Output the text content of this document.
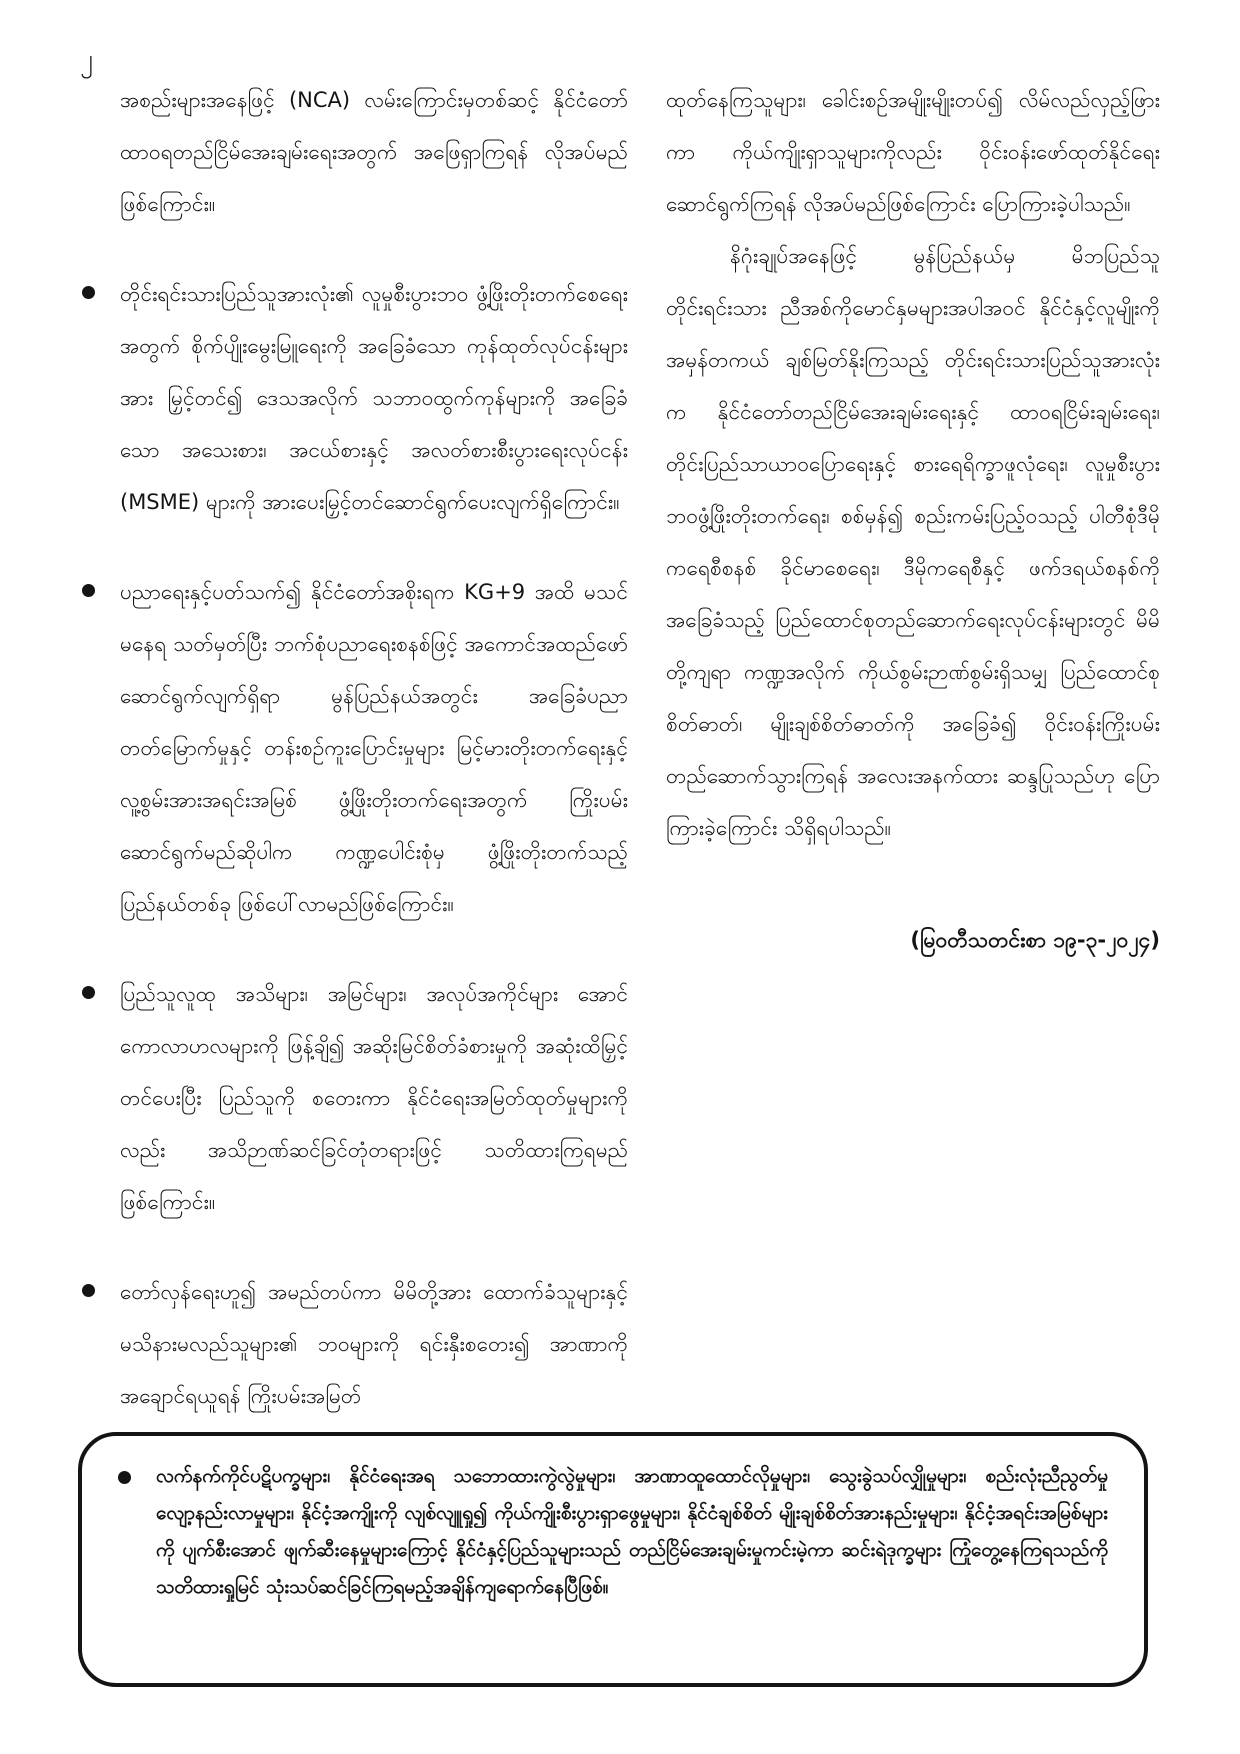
၂

အစည်းများအနေဖြင့် (NCA) လမ်းကြောင်းမှတစ်ဆင့် နိုင်ငံတော်ထာဝရတည်ငြိမ်အေးချမ်းရေးအတွက် အဖြေရှာကြရန် လိုအပ်မည်ဖြစ်ကြောင်း။

တိုင်းရင်းသားပြည်သူအားလုံး၏ လူမှုစီးပွားဘဝ ဖွံ့ဖြိုးတိုးတက်စေရေးအတွက် စိုက်ပျိုးမွေးမြူရေးကို အခြေခံသော ကုန်ထုတ်လုပ်ငန်းများအား မြှင့်တင်၍ ဒေသအလိုက် သဘာဝထွက်ကုန်များကို အခြေခံသော အသေးစား၊ အငယ်စားနှင့် အလတ်စားစီးပွားရေးလုပ်ငန်း (MSME) များကို အားပေးမြှင့်တင်ဆောင်ရွက်ပေးလျက်ရှိကြောင်း။

ပညာရေးနှင့်ပတ်သက်၍ နိုင်ငံတော်အစိုးရက KG+9 အထိ မသင်မနေရ သတ်မှတ်ပြီး ဘက်စုံပညာရေးစနစ်ဖြင့် အကောင်အထည်ဖော် ဆောင်ရွက်လျက်ရှိရာ မွန်ပြည်နယ်အတွင်း အခြေခံပညာတတ်မြောက်မှုနှင့် တန်းစဉ်ကူးပြောင်းမှုများ မြင့်မားတိုးတက်ရေးနှင့် လူ့စွမ်းအားအရင်းအမြစ် ဖွံ့ဖြိုးတိုးတက်ရေးအတွက် ကြိုးပမ်းဆောင်ရွက်မည်ဆိုပါက ကဏ္ဍပေါင်းစုံမှ ဖွံ့ဖြိုးတိုးတက်သည့် ပြည်နယ်တစ်ခု ဖြစ်ပေါ်လာမည်ဖြစ်ကြောင်း။

ပြည်သူလူထု အသိများ၊ အမြင်များ၊ အလုပ်အကိုင်များ အောင် ကောလာဟလများကို ဖြန့်ချိ၍ အဆိုးမြင်စိတ်ခံစားမှုကို အဆုံးထိမြှင့်တင်ပေးပြီး ပြည်သူကို စတေးကာ နိုင်ငံရေးအမြတ်ထုတ်မှုများကိုလည်း အသိဉာဏ်ဆင်ခြင်တုံတရားဖြင့် သတိထားကြရမည်ဖြစ်ကြောင်း။

တော်လှန်ရေးဟူ၍ အမည်တပ်ကာ မိမိတို့အား ထောက်ခံသူများနှင့် မသိနားမလည်သူများ၏ ဘဝများကို ရင်းနှီးစတေး၍ အာဏာကို အချောင်ရယူရန် ကြိုးပမ်းအမြတ်

ထုတ်နေကြသူများ၊ ခေါင်းစဉ်အမျိုးမျိုးတပ်၍ လိမ်လည်လှည့်ဖြားကာ ကိုယ်ကျိုးရှာသူများကိုလည်း ဝိုင်းဝန်းဖော်ထုတ်နိုင်ရေး ဆောင်ရွက်ကြရန် လိုအပ်မည်ဖြစ်ကြောင်း ပြောကြားခဲ့ပါသည်။

နိဂုံးချုပ်အနေဖြင့် မွန်ပြည်နယ်မှ မိဘပြည်သူတိုင်းရင်းသား ညီအစ်ကိုမောင်နှမများအပါအဝင် နိုင်ငံနှင့်လူမျိုးကို အမှန်တကယ် ချစ်မြတ်နိုးကြသည့် တိုင်းရင်းသားပြည်သူအားလုံးက နိုင်ငံတော်တည်ငြိမ်အေးချမ်းရေးနှင့် ထာဝရငြိမ်းချမ်းရေး၊ တိုင်းပြည်သာယာဝပြောရေးနှင့် စားရေရိက္ခာဖူလုံရေး၊ လူမှုစီးပွားဘဝဖွံ့ဖြိုးတိုးတက်ရေး၊ စစ်မှန်၍ စည်းကမ်းပြည့်ဝသည့် ပါတီစုံဒီမိုကရေစီစနစ် ခိုင်မာစေရေး၊ ဒီမိုကရေစီနှင့် ဖက်ဒရယ်စနစ်ကို အခြေခံသည့် ပြည်ထောင်စုတည်ဆောက်ရေးလုပ်ငန်းများတွင် မိမိတို့ကျရာ ကဏ္ဍအလိုက် ကိုယ်စွမ်းဉာဏ်စွမ်းရှိသမျှ ပြည်ထောင်စုစိတ်ဓာတ်၊ မျိုးချစ်စိတ်ဓာတ်ကို အခြေခံ၍ ဝိုင်းဝန်းကြိုးပမ်းတည်ဆောက်သွားကြရန် အလေးအနက်ထား ဆန္ဒပြုသည်ဟု ပြောကြားခဲ့ကြောင်း သိရှိရပါသည်။

(မြဝတီသတင်းစာ ၁၉-၃-၂၀၂၄)

လက်နက်ကိုင်ပဋိပက္ခများ၊ နိုင်ငံရေးအရ သဘောထားကွဲလွဲမှုများ၊ အာဏာထူထောင်လိုမှုများ၊ သွေးခွဲသပ်လျှိုမှုများ၊ စည်းလုံးညီညွတ်မှုလျော့နည်းလာမှုများ၊ နိုင်ငံ့အကျိုးကို လျစ်လျူရှု၍ ကိုယ်ကျိုးစီးပွားရှာဖွေမှုများ၊ နိုင်ငံချစ်စိတ် မျိုးချစ်စိတ်အားနည်းမှုများ၊ နိုင်ငံ့အရင်းအမြစ်များကို ပျက်စီးအောင် ဖျက်ဆီးနေမှုများကြောင့် နိုင်ငံနှင့်ပြည်သူများသည် တည်ငြိမ်အေးချမ်းမှုကင်းမဲ့ကာ ဆင်းရဲဒုက္ခများ ကြုံတွေ့နေကြရသည်ကို သတိထားရှုမြင် သုံးသပ်ဆင်ခြင်ကြရမည့်အချိန်ကျရောက်နေပြီဖြစ်။
